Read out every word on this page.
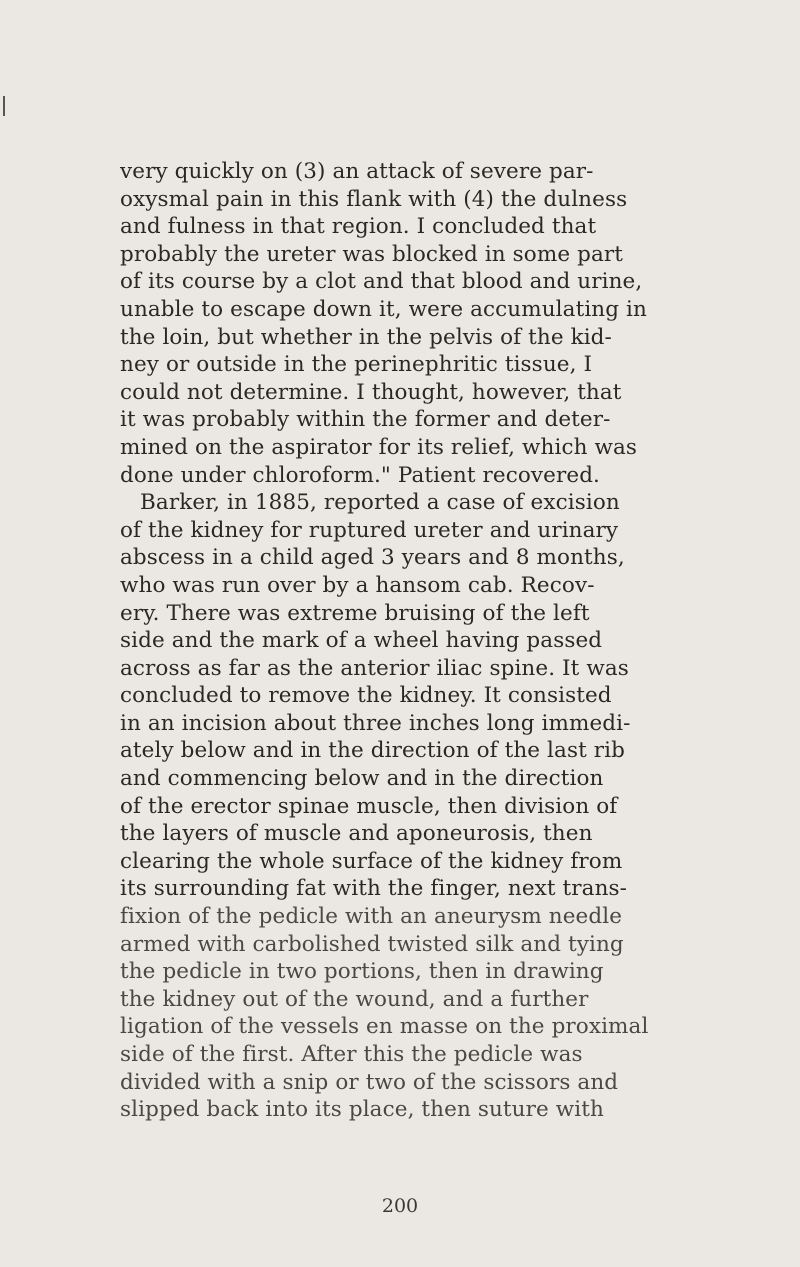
very quickly on (3) an attack of severe par-
oxysmal pain in this flank with (4) the dulness
and fulness in that region. I concluded that
probably the ureter was blocked in some part
of its course by a clot and that blood and urine,
unable to escape down it, were accumulating in
the loin, but whether in the pelvis of the kid-
ney or outside in the perinephritic tissue, I
could not determine. I thought, however, that
it was probably within the former and deter-
mined on the aspirator for its relief, which was
done under chloroform." Patient recovered.
Barker, in 1885, reported a case of excision
of the kidney for ruptured ureter and urinary
abscess in a child aged 3 years and 8 months,
who was run over by a hansom cab. Recov-
ery. There was extreme bruising of the left
side and the mark of a wheel having passed
across as far as the anterior iliac spine. It was
concluded to remove the kidney. It consisted
in an incision about three inches long immedi-
ately below and in the direction of the last rib
and commencing below and in the direction
of the erector spinae muscle, then division of
the layers of muscle and aponeurosis, then
clearing the whole surface of the kidney from
its surrounding fat with the finger, next trans-
fixion of the pedicle with an aneurysm needle
armed with carbolished twisted silk and tying
the pedicle in two portions, then in drawing
the kidney out of the wound, and a further
ligation of the vessels en masse on the proximal
side of the first. After this the pedicle was
divided with a snip or two of the scissors and
slipped back into its place, then suture with
200
